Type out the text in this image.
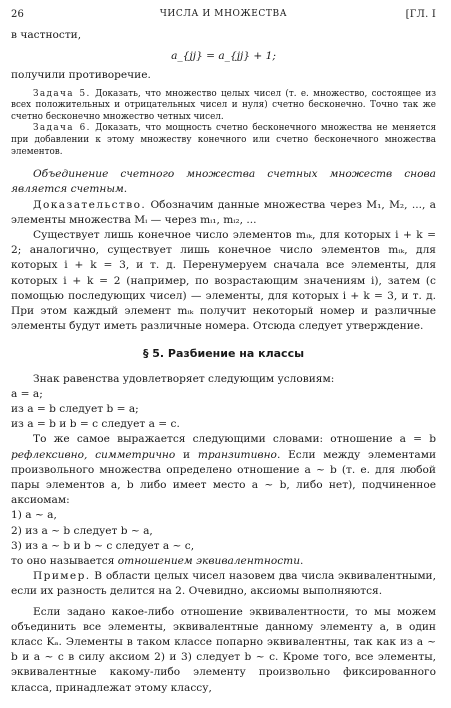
26	ЧИСЛА И МНОЖЕСТВА	[ГЛ. I

в частности,

a_{jj} = a_{jj} + 1;

получили противоречие.

Задача 5. Доказать, что множество целых чисел (т. е. множество, состоящее из всех положительных и отрицательных чисел и нуля) счетно бесконечно. Точно так же счетно бесконечно множество четных чисел.

Задача 6. Доказать, что мощность счетно бесконечного множества не меняется при добавлении к этому множеству конечного или счетно бесконечного множества элементов.

Объединение счетного множества счетных множеств снова является счетным.

Доказательство. Обозначим данные множества через M₁, M₂, ..., а элементы множества Mᵢ — через mᵢ₁, mᵢ₂, ...

Существует лишь конечное число элементов mᵢₖ, для которых i + k = 2; аналогично, существует лишь конечное число элементов mᵢₖ, для которых i + k = 3, и т. д. Перенумеруем сначала все элементы, для которых i + k = 2 (например, по возрастающим значениям i), затем (с помощью последующих чисел) — элементы, для которых i + k = 3, и т. д. При этом каждый элемент mᵢₖ получит некоторый номер и различные элементы будут иметь различные номера. Отсюда следует утверждение.

§ 5. Разбиение на классы

Знак равенства удовлетворяет следующим условиям:

a = a;

из a = b следует b = a;

из a = b и b = c следует a = c.

То же самое выражается следующими словами: отношение a = b рефлексивно, симметрично и транзитивно. Если между элементами произвольного множества определено отношение a ~ b (т. е. для любой пары элементов a, b либо имеет место a ~ b, либо нет), подчиненное аксиомам:

1) a ~ a,

2) из a ~ b следует b ~ a,

3) из a ~ b и b ~ c следует a ~ c,

то оно называется отношением эквивалентности.

Пример. В области целых чисел назовем два числа эквивалентными, если их разность делится на 2. Очевидно, аксиомы выполняются.

Если задано какое-либо отношение эквивалентности, то мы можем объединить все элементы, эквивалентные данному элементу a, в один класс Kₐ. Элементы в таком классе попарно эквивалентны, так как из a ~ b и a ~ c в силу аксиом 2) и 3) следует b ~ c. Кроме того, все элементы, эквивалентные какому-либо элементу произвольно фиксированного класса, принадлежат этому классу,
